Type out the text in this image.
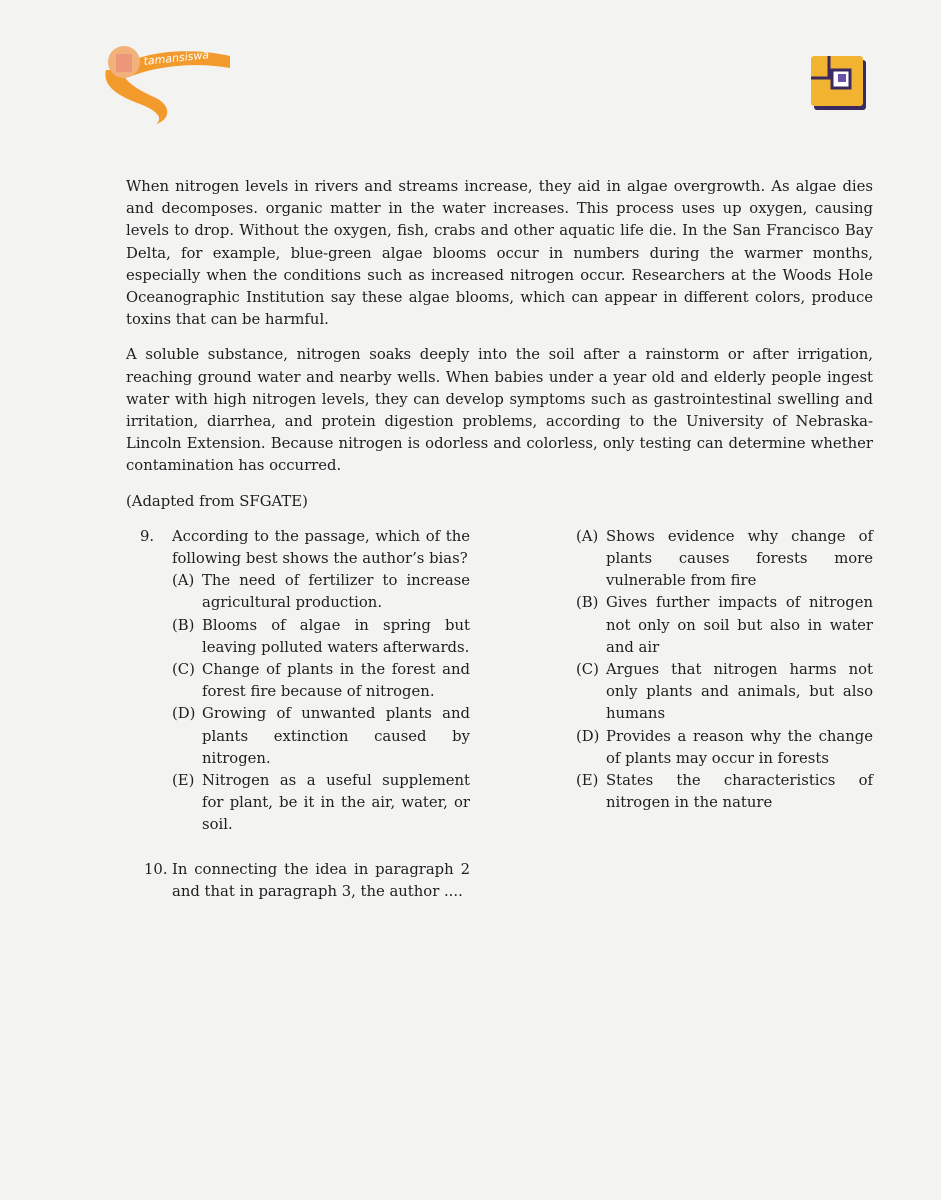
tamansiswa

When nitrogen levels in rivers and streams increase, they aid in algae overgrowth. As algae dies and decomposes. organic matter in the water increases. This process uses up oxygen, causing levels to drop. Without the oxygen, fish, crabs and other aquatic life die. In the San Francisco Bay Delta, for example, blue-green algae blooms occur in numbers during the warmer months, especially when the conditions such as increased nitrogen occur. Researchers at the Woods Hole Oceanographic Institution say these algae blooms, which can appear in different colors, produce toxins that can be harmful.

A soluble substance, nitrogen soaks deeply into the soil after a rainstorm or after irrigation, reaching ground water and nearby wells. When babies under a year old and elderly people ingest water with high nitrogen levels, they can develop symptoms such as gastrointestinal swelling and irritation, diarrhea, and protein digestion problems, according to the University of Nebraska- Lincoln Extension. Because nitrogen is odorless and colorless, only testing can determine whether contamination has occurred.

(Adapted from SFGATE)

9.	According to the passage, which of the following best shows the author’s bias?
(A) The need of fertilizer to increase agricultural production.
(B) Blooms of algae in spring but leaving polluted waters afterwards.
(C) Change of plants in the forest and forest fire because of nitrogen.
(D) Growing of unwanted plants and plants extinction caused by nitrogen.
(E) Nitrogen as a useful supplement for plant, be it in the air, water, or soil.
10. In connecting the idea in paragraph 2 and that in paragraph 3, the author ....
(A) Shows evidence why change of plants causes forests more vulnerable from fire
(B) Gives further impacts of nitrogen not only on soil but also in water and air
(C) Argues that nitrogen harms not only plants and animals, but also humans
(D) Provides a reason why the change of plants may occur in forests
(E) States the characteristics of nitrogen in the nature
